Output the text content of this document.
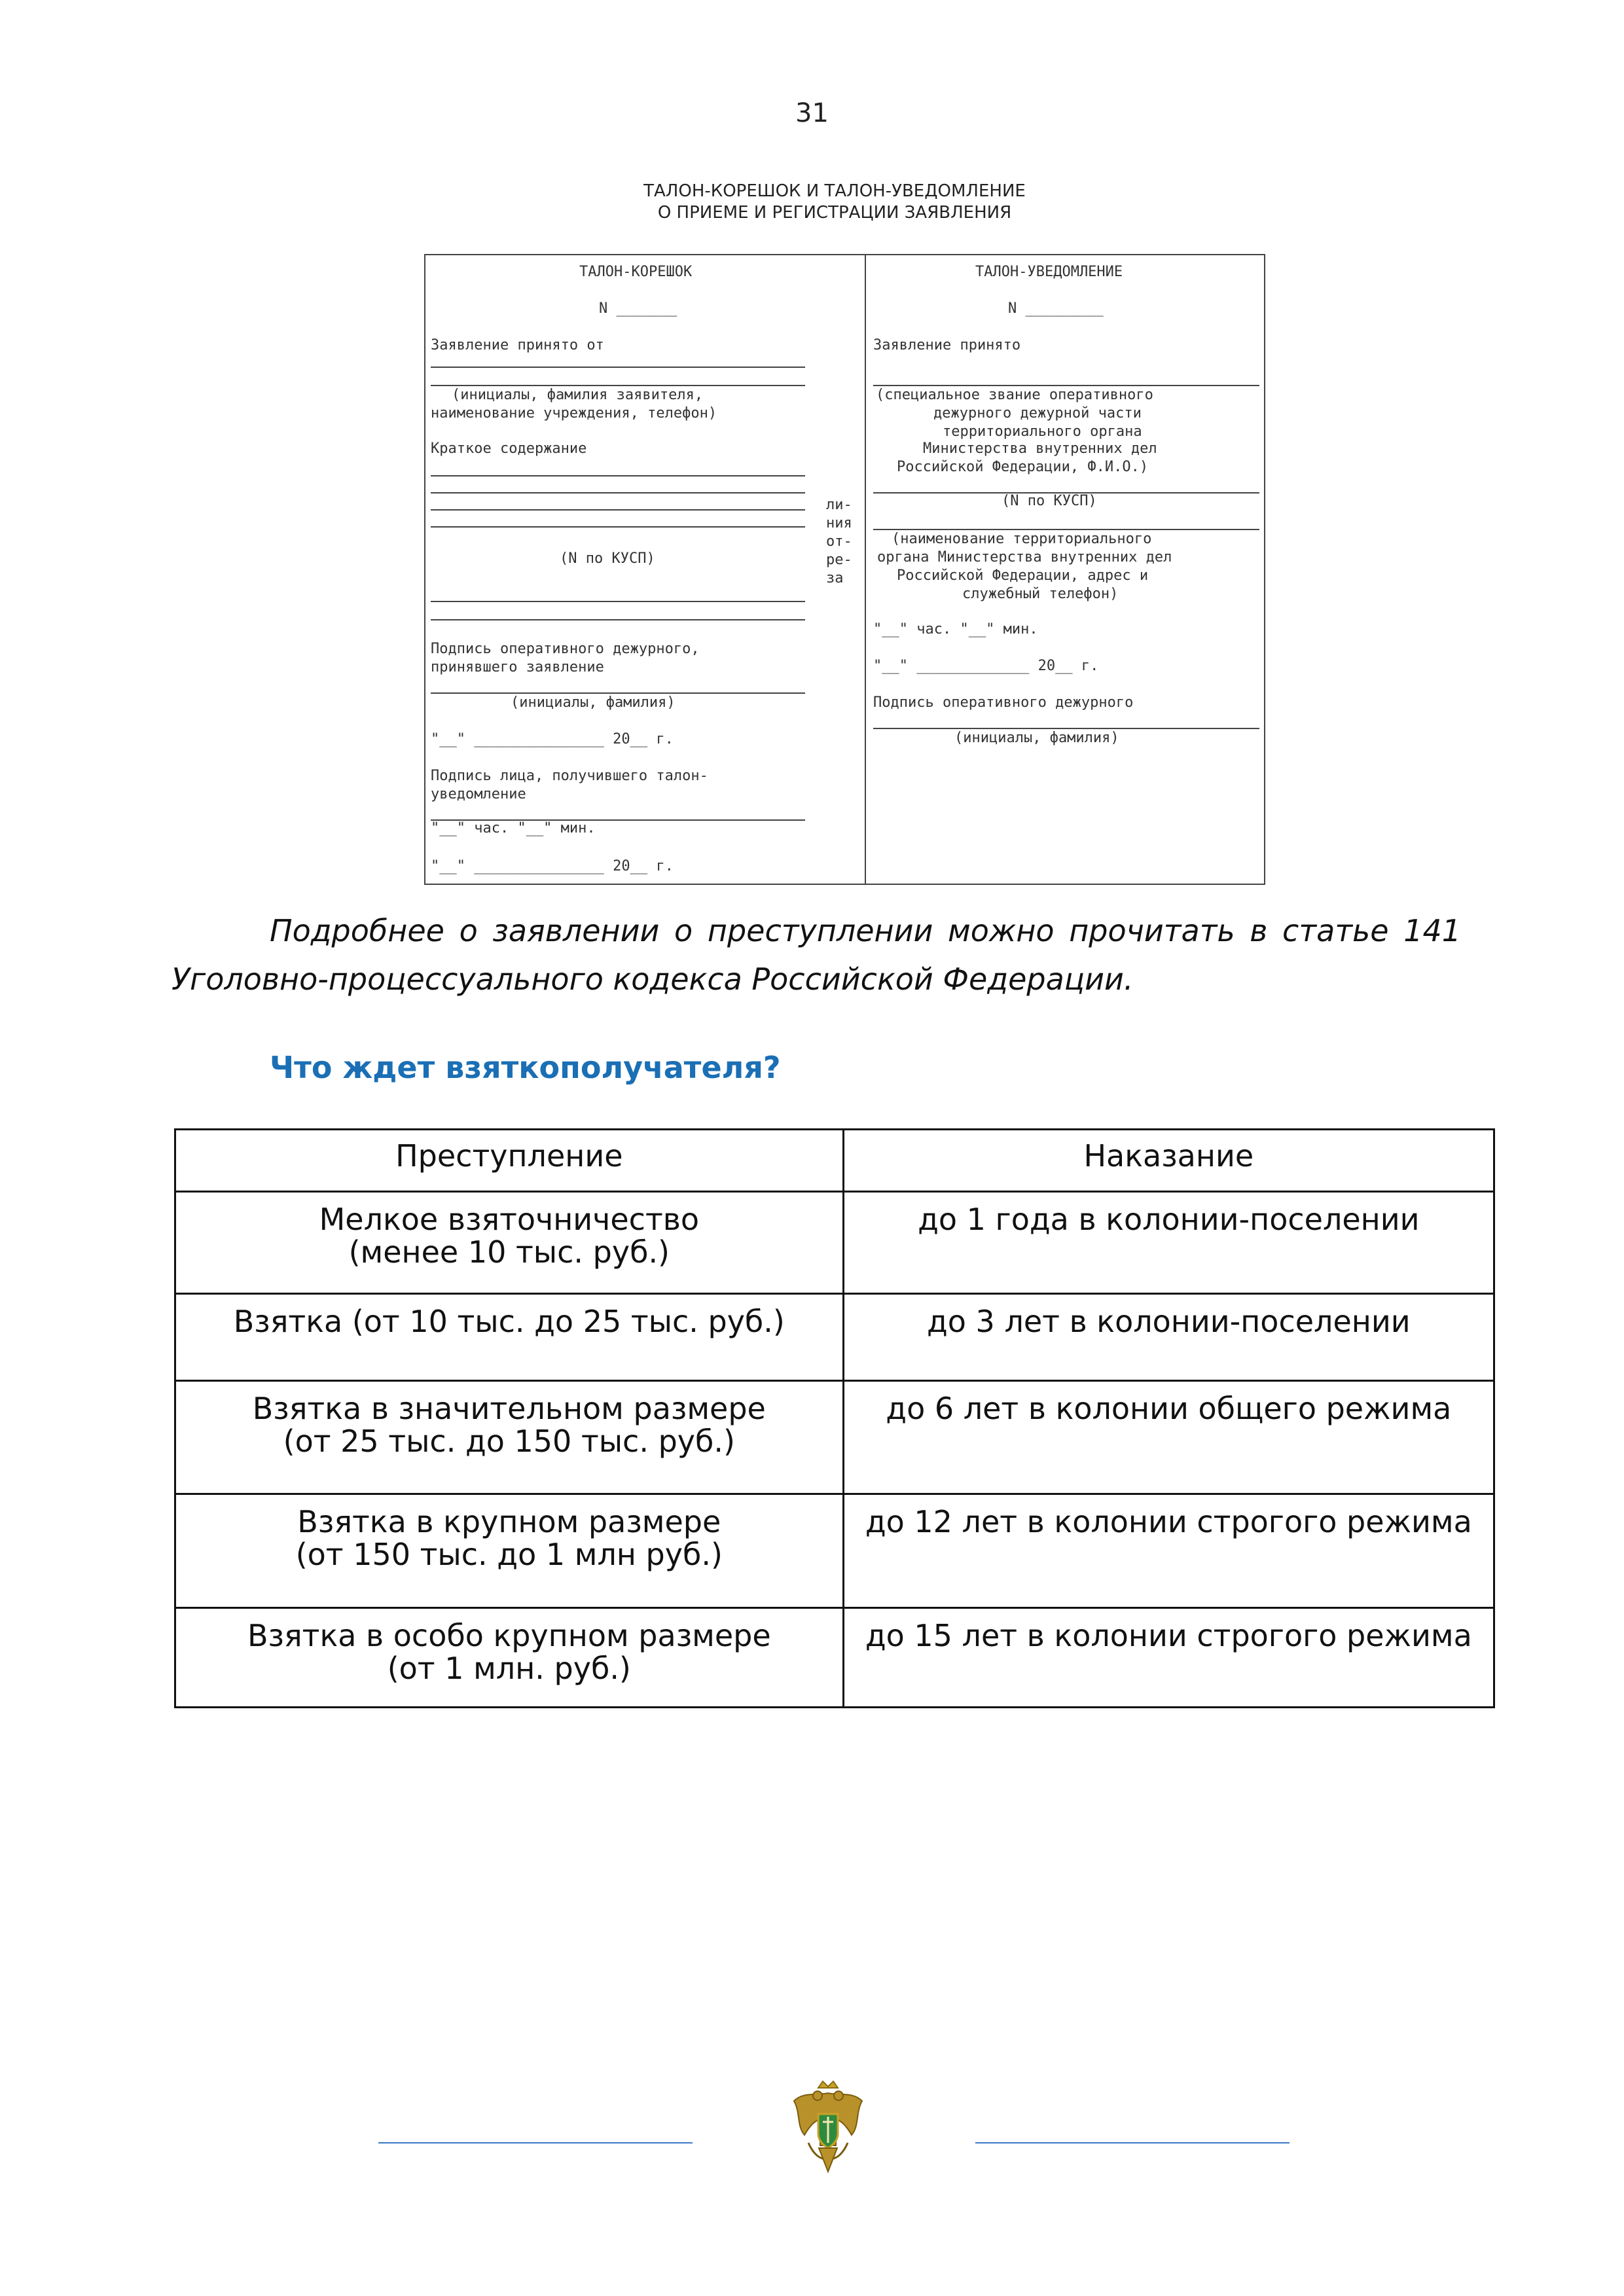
31
ТАЛОН-КОРЕШОК И ТАЛОН-УВЕДОМЛЕНИЕ
О ПРИЕМЕ И РЕГИСТРАЦИИ ЗАЯВЛЕНИЯ
ТАЛОН-КОРЕШОК
N _______
Заявление принято от
(инициалы, фамилия заявителя,
наименование учреждения, телефон)
Краткое содержание
(N по КУСП)
Подпись оперативного дежурного,
принявшего заявление
(инициалы, фамилия)
"__" _______________ 20__ г.
Подпись лица, получившего талон-
уведомление
"__" час. "__" мин.
"__" _______________ 20__ г.
ли-
ния
от-
ре-
за
ТАЛОН-УВЕДОМЛЕНИЕ
N _________
Заявление принято
(специальное звание оперативного
дежурного дежурной части
территориального органа
Министерства внутренних дел
Российской Федерации, Ф.И.О.)
(N по КУСП)
(наименование территориального
органа Министерства внутренних дел
Российской Федерации, адрес и
служебный телефон)
"__" час. "__" мин.
"__" _____________ 20__ г.
Подпись оперативного дежурного
(инициалы, фамилия)
Подробнее о заявлении о преступлении можно прочитать в статье 141 Уголовно-процессуального кодекса Российской Федерации.
Что ждет взяткополучателя?
Преступление	Наказание

Мелкое взяточничество
(менее 10 тыс. руб.)	до 1 года в колонии-поселении

Взятка (от 10 тыс. до 25 тыс. руб.)	до 3 лет в колонии-поселении

Взятка в значительном размере
(от 25 тыс. до 150 тыс. руб.)	до 6 лет в колонии общего режима

Взятка в крупном размере
(от 150 тыс. до 1 млн руб.)	до 12 лет в колонии строгого режима

Взятка в особо крупном размере
(от 1 млн. руб.)	до 15 лет в колонии строгого режима
